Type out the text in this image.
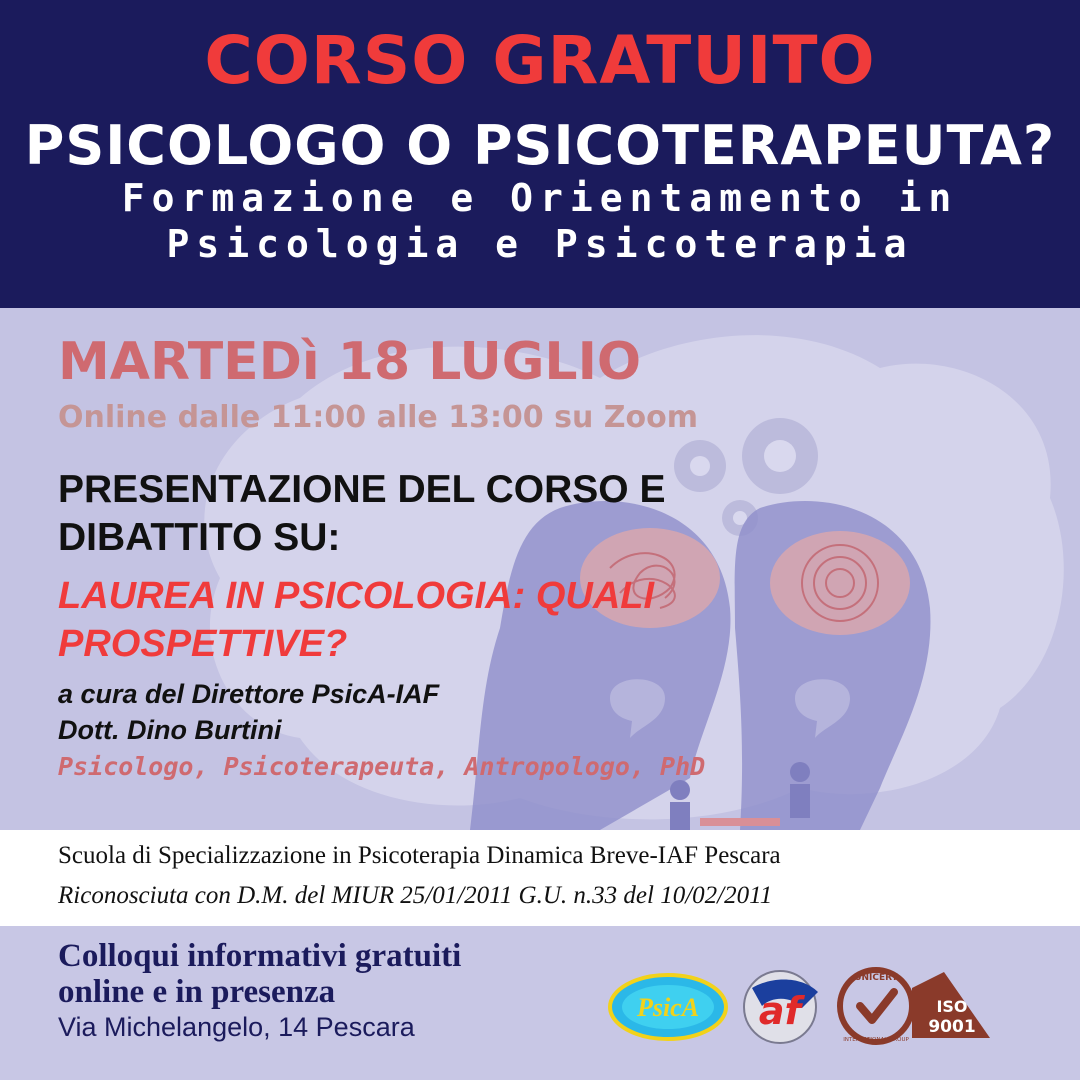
CORSO GRATUITO
PSICOLOGO O PSICOTERAPEUTA?
Formazione e Orientamento in
Psicologia e Psicoterapia
MARTEDì 18 LUGLIO
Online dalle 11:00 alle 13:00 su Zoom
PRESENTAZIONE DEL CORSO E
DIBATTITO SU:
LAUREA IN PSICOLOGIA: QUALI
PROSPETTIVE?
a cura del Direttore PsicA-IAF
Dott. Dino Burtini
Psicologo, Psicoterapeuta, Antropologo, PhD
Scuola di Specializzazione in Psicoterapia Dinamica Breve-IAF Pescara
Riconosciuta con D.M. del MIUR 25/01/2011 G.U. n.33 del 10/02/2011
Colloqui informativi gratuiti
online e in presenza
Via Michelangelo, 14 Pescara
PsicA af
UNICERT
INTERNATIONAL GROUP
ISO
9001
